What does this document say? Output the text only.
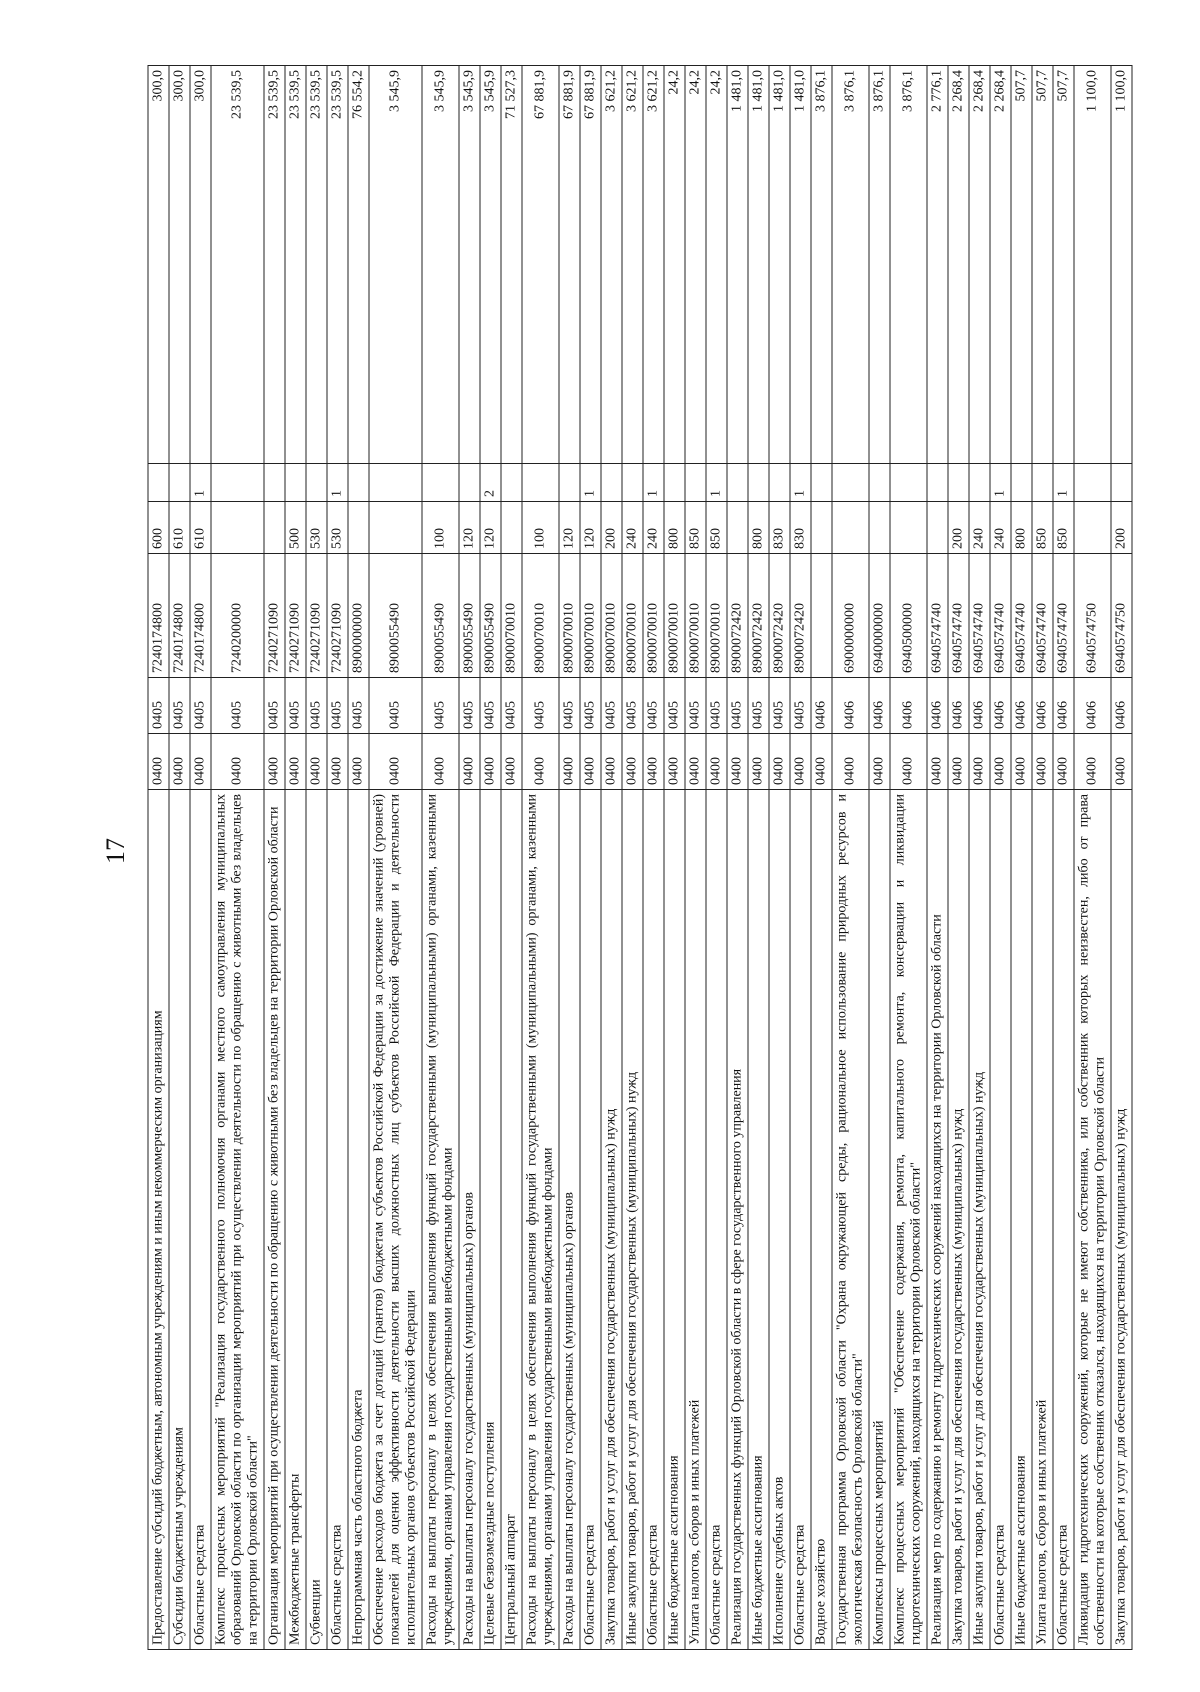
17
Предоставление субсидий бюджетным, автономным учреждениям и иным некоммерческим организациям	0400	0405	7240174800	600		300,0
Субсидии бюджетным учреждениям	0400	0405	7240174800	610		300,0
Областные средства	0400	0405	7240174800	610	1	300,0
Комплекс процессных мероприятий "Реализация государственного полномочия органами местного самоуправления муниципальных образований Орловской области по организации мероприятий при осуществлении деятельности по обращению с животными без владельцев на территории Орловской области"	0400	0405	7240200000			23 539,5
Организация мероприятий при осуществлении деятельности по обращению с животными без владельцев на территории Орловской области	0400	0405	7240271090			23 539,5
Межбюджетные трансферты	0400	0405	7240271090	500		23 539,5
Субвенции	0400	0405	7240271090	530		23 539,5
Областные средства	0400	0405	7240271090	530	1	23 539,5
Непрограммная часть областного бюджета	0400	0405	8900000000			76 554,2
Обеспечение расходов бюджета за счет дотаций (грантов) бюджетам субъектов Российской Федерации за достижение значений (уровней) показателей для оценки эффективности деятельности высших должностных лиц субъектов Российской Федерации и деятельности исполнительных органов субъектов Российской Федерации	0400	0405	8900055490			3 545,9
Расходы на выплаты персоналу в целях обеспечения выполнения функций государственными (муниципальными) органами, казенными учреждениями, органами управления государственными внебюджетными фондами	0400	0405	8900055490	100		3 545,9
Расходы на выплаты персоналу государственных (муниципальных) органов	0400	0405	8900055490	120		3 545,9
Целевые безвозмездные поступления	0400	0405	8900055490	120	2	3 545,9
Центральный аппарат	0400	0405	8900070010			71 527,3
Расходы на выплаты персоналу в целях обеспечения выполнения функций государственными (муниципальными) органами, казенными учреждениями, органами управления государственными внебюджетными фондами	0400	0405	8900070010	100		67 881,9
Расходы на выплаты персоналу государственных (муниципальных) органов	0400	0405	8900070010	120		67 881,9
Областные средства	0400	0405	8900070010	120	1	67 881,9
Закупка товаров, работ и услуг для обеспечения государственных (муниципальных) нужд	0400	0405	8900070010	200		3 621,2
Иные закупки товаров, работ и услуг для обеспечения государственных (муниципальных) нужд	0400	0405	8900070010	240		3 621,2
Областные средства	0400	0405	8900070010	240	1	3 621,2
Иные бюджетные ассигнования	0400	0405	8900070010	800		24,2
Уплата налогов, сборов и иных платежей	0400	0405	8900070010	850		24,2
Областные средства	0400	0405	8900070010	850	1	24,2
Реализация государственных функций Орловской области в сфере государственного управления	0400	0405	8900072420			1 481,0
Иные бюджетные ассигнования	0400	0405	8900072420	800		1 481,0
Исполнение судебных актов	0400	0405	8900072420	830		1 481,0
Областные средства	0400	0405	8900072420	830	1	1 481,0
Водное хозяйство	0400	0406				3 876,1
Государственная программа Орловской области "Охрана окружающей среды, рациональное использование природных ресурсов и экологическая безопасность Орловской области"	0400	0406	6900000000			3 876,1
Комплексы процессных мероприятий	0400	0406	6940000000			3 876,1
Комплекс процессных мероприятий "Обеспечение содержания, ремонта, капитального ремонта, консервации и ликвидации гидротехнических сооружений, находящихся на территории Орловской области"	0400	0406	6940500000			3 876,1
Реализация мер по содержанию и ремонту гидротехнических сооружений находящихся на территории Орловской области	0400	0406	6940574740			2 776,1
Закупка товаров, работ и услуг для обеспечения государственных (муниципальных) нужд	0400	0406	6940574740	200		2 268,4
Иные закупки товаров, работ и услуг для обеспечения государственных (муниципальных) нужд	0400	0406	6940574740	240		2 268,4
Областные средства	0400	0406	6940574740	240	1	2 268,4
Иные бюджетные ассигнования	0400	0406	6940574740	800		507,7
Уплата налогов, сборов и иных платежей	0400	0406	6940574740	850		507,7
Областные средства	0400	0406	6940574740	850	1	507,7
Ликвидация гидротехнических сооружений, которые не имеют собственника, или собственник которых неизвестен, либо от права собственности на которые собственник отказался, находящихся на территории Орловской области	0400	0406	6940574750			1 100,0
Закупка товаров, работ и услуг для обеспечения государственных (муниципальных) нужд	0400	0406	6940574750	200		1 100,0
